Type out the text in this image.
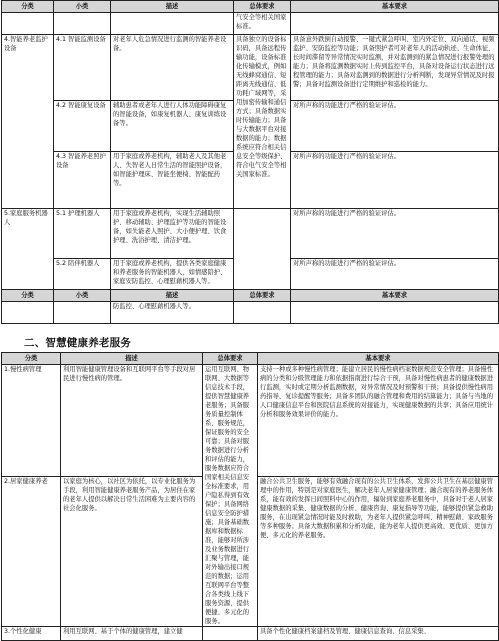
分类	小类	描述	总体要求	基本要求
			气安全等相关国家标准。	
4.智能养老监护设备	4.1 智能监测设备	对老年人危急情况进行监测的智能养老设备。	具备独立的设备标识码，具备远程传输功能，设备标准化传输模式，例如无线蜂窝通信、短距离无线通信、低功耗广域网等，采用加密传输和通信方式；具备数据实时传输能力；具备与大数据平台对接数据的能力；数据系统应符合相关信息安全等级保护、符合电气安全等相关国家标准。	具备意外跌倒自动报警、一键式紧急呼叫、室内外定位、双向通话、视频监护、安防监控等功能；具备照护者可对老年人的活动轨迹、生命体征、长时间滞留等异常情况实时监测，并对监测到的紧急情况进行报警处理的能力；具备将监测数据实时上传到监控平台，具备对设备运行状态进行远程管理的能力；具备对监测到的数据进行分析判断，发现异常情况及时报警；具备对监测设备进行定期维护和巡检的能力。
	4.2 智能康复设备	辅助患者或老年人进行人体功能障碍康复的智能设备，如康复机器人、康复训练设备等。		对所声称的功能进行严格的验证评估。
	4.3 智能养老照护设备	用于家庭或养老机构，辅助老人及其他老人、失智老人日常生活的智能照护设备，如智能护理床、智能坐便椅、智能配药等。		对所声称的功能进行严格的验证评估。
5.家庭服务机器人	5.1 护理机器人	用于家庭或养老机构，实现生活辅助照护、移动辅助、护理监护等功能的智能设备，如失能老人照护、大小便护理、饮食护理、洗浴护理、清洁护理。		对所声称的功能进行严格的验证评估。
	5.2 陪伴机器人	用于家庭或养老机构，提供各类家庭健康和养老服务的智能机器人，如情感陪护、家庭安防监控、心理慰藉机器人等。		对所声称的功能进行严格的验证评估。
分类	小类	描述	总体要求	基本要求
		防监控、心理慰藉机器人等。		
二、智慧健康养老服务
分类	描述	总体要求	基本要求
1.慢性病管理	利用智能健康管理设备和互联网平台等手段对居民进行慢性病的管理。	运用互联网、物联网、大数据等信息技术手段，提供智慧健康养老服务；具备服务质量控制体系、服务规范，保证服务的安全可靠；具备对服务数据进行分析和评估的能力，服务数据应符合国家相关信息安全标准要求，用户隐私得到有效保护；具备网络信息安全防护措施；具备基础数据库和数据标准，能够对所涉及业务数据进行汇聚与管理，能对外输出接口规范的数据；运用互联网平台等整合各类线上线下服务资源，提供便捷、多元化的服务。	支持一种或多种慢性病管理；能建立居民的慢性病档案数据规范安全管理；具备慢性病的分类和分级管理能力和依据指南进行综合干预，具备对慢性病患者的健康数据进行监测，实时或定期分析监测数据，对异常情况及时预警和干预；具备提供慢性病用药指导、复诊提醒等服务；具备多团队的融合管理和费用的结算能力；具备与当地的人口健康信息平台和医院信息系统的对接能力，实现健康数据的共享；具备应用统计分析和服务效果评价的能力。
2.居家健康养老	以家庭为核心，以社区为依托，以专业化服务为手段，利用智能健康养老服务产品，为居住在家的老年人提供以解决日常生活困难为主要内容的社会化服务。		融合公共卫生服务，能够有效融合现有的公共卫生体系，发挥公共卫生在基层健康管理中的作用，特别是对家庭医生，解决老年人居家健康管理；融合现有的养老服务体系，能有效的发挥日间照料中心的作用，辐射到家庭养老服务中，具备对于老人居家健康数据的采集、健康数据的分析、健康咨询、康复指导等功能，能够提供紧急救助服务，在出现紧急情况时能及时救助，为老年人提供紧急呼叫、精神慰藉、家政服务等多种服务；具备大数据积累和分析功能，能为老年人提供更高效、更优质、更加方便、多元化的养老服务。
3.个性化健康	利用互联网、基于个体的健康管理，建立健		具备个性化健康档案建档及管理、健康信息查询、信息采集、
